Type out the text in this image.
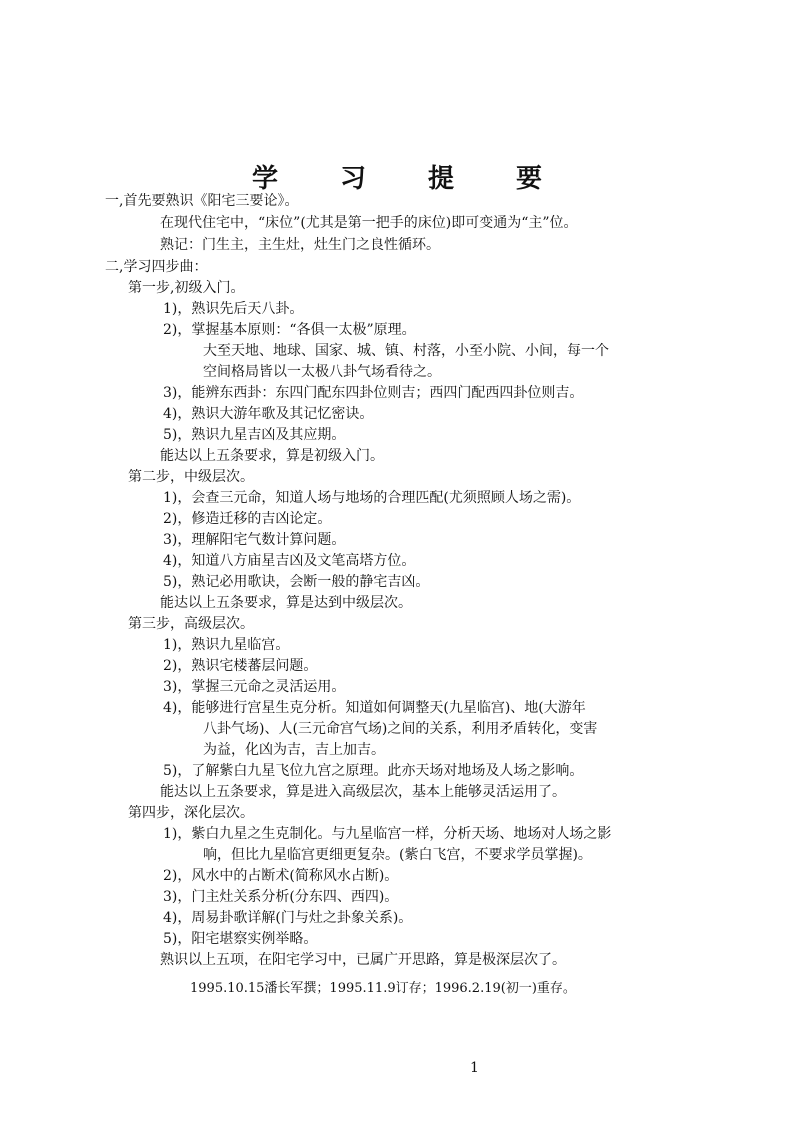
学 习 提 要
一,首先要熟识《阳宅三要论》。
在现代住宅中，“床位”(尤其是第一把手的床位)即可变通为“主”位。
熟记：门生主，主生灶，灶生门之良性循环。
二,学习四步曲：
第一步,初级入门。
1)，熟识先后天八卦。
2)，掌握基本原则：“各俱一太极”原理。
大至天地、地球、国家、城、镇、村落，小至小院、小间，每一个
空间格局皆以一太极八卦气场看待之。
3)，能辨东西卦：东四门配东四卦位则吉；西四门配西四卦位则吉。
4)，熟识大游年歌及其记忆密诀。
5)，熟识九星吉凶及其应期。
能达以上五条要求，算是初级入门。
第二步，中级层次。
1)，会查三元命，知道人场与地场的合理匹配(尤须照顾人场之需)。
2)，修造迁移的吉凶论定。
3)，理解阳宅气数计算问题。
4)，知道八方庙星吉凶及文笔高塔方位。
5)，熟记必用歌诀，会断一般的静宅吉凶。
能达以上五条要求，算是达到中级层次。
第三步，高级层次。
1)，熟识九星临宫。
2)，熟识宅楼蕃层问题。
3)，掌握三元命之灵活运用。
4)，能够进行宫星生克分析。知道如何调整天(九星临宫)、地(大游年
八卦气场)、人(三元命宫气场)之间的关系，利用矛盾转化，变害
为益，化凶为吉，吉上加吉。
5)，了解紫白九星飞位九宫之原理。此亦天场对地场及人场之影响。
能达以上五条要求，算是进入高级层次，基本上能够灵活运用了。
第四步，深化层次。
1)，紫白九星之生克制化。与九星临宫一样，分析天场、地场对人场之影
响，但比九星临宫更细更复杂。(紫白飞宫，不要求学员掌握)。
2)，风水中的占断术(简称风水占断)。
3)，门主灶关系分析(分东四、西四)。
4)，周易卦歌详解(门与灶之卦象关系)。
5)，阳宅堪察实例举略。
熟识以上五项，在阳宅学习中，已属广开思路，算是极深层次了。
1995.10.15潘长军撰；1995.11.9订存；1996.2.19(初一)重存。
1
